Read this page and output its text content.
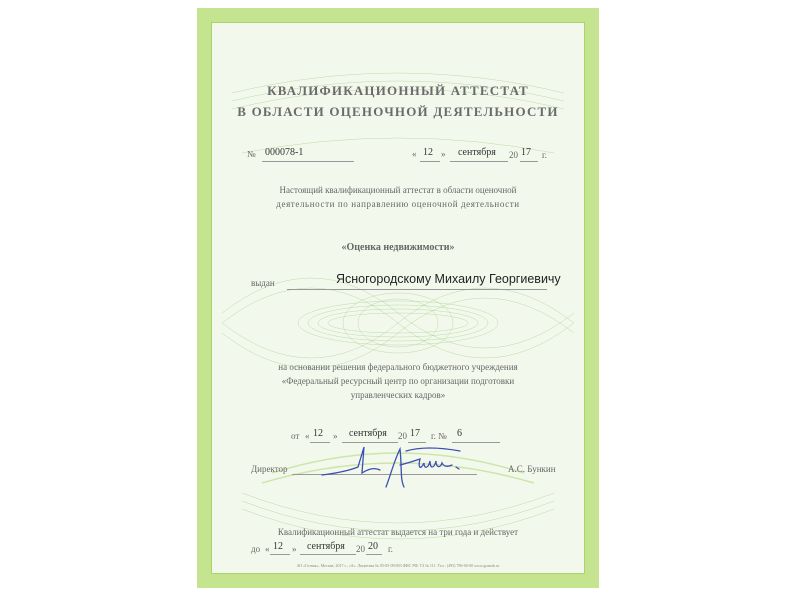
КВАЛИФИКАЦИОННЫЙ АТТЕСТАТ
В ОБЛАСТИ ОЦЕНОЧНОЙ ДЕЯТЕЛЬНОСТИ
№ 000078-1	« 12 » сентября 20 17 г.
Настоящий квалификационный аттестат в области оценочной
деятельности по направлению оценочной деятельности
«Оценка недвижимости»
выдан	Ясногородскому Михаилу Георгиевичу
на основании решения федерального бюджетного учреждения
«Федеральный ресурсный центр по организации подготовки
управленческих кадров»
от « 12 » сентября 20 17 г. № 6
Директор	А.С. Бункин
Квалификационный аттестат выдается на три года и действует
до « 12 » сентября 20 20 г.
АО «Гознак», Москва, 2017 г., «А». Лицензия № 05-05-09/003 ФНС РФ. ТЗ № 111. Тел.: (495) 786-00-00 www.goznak.ru
